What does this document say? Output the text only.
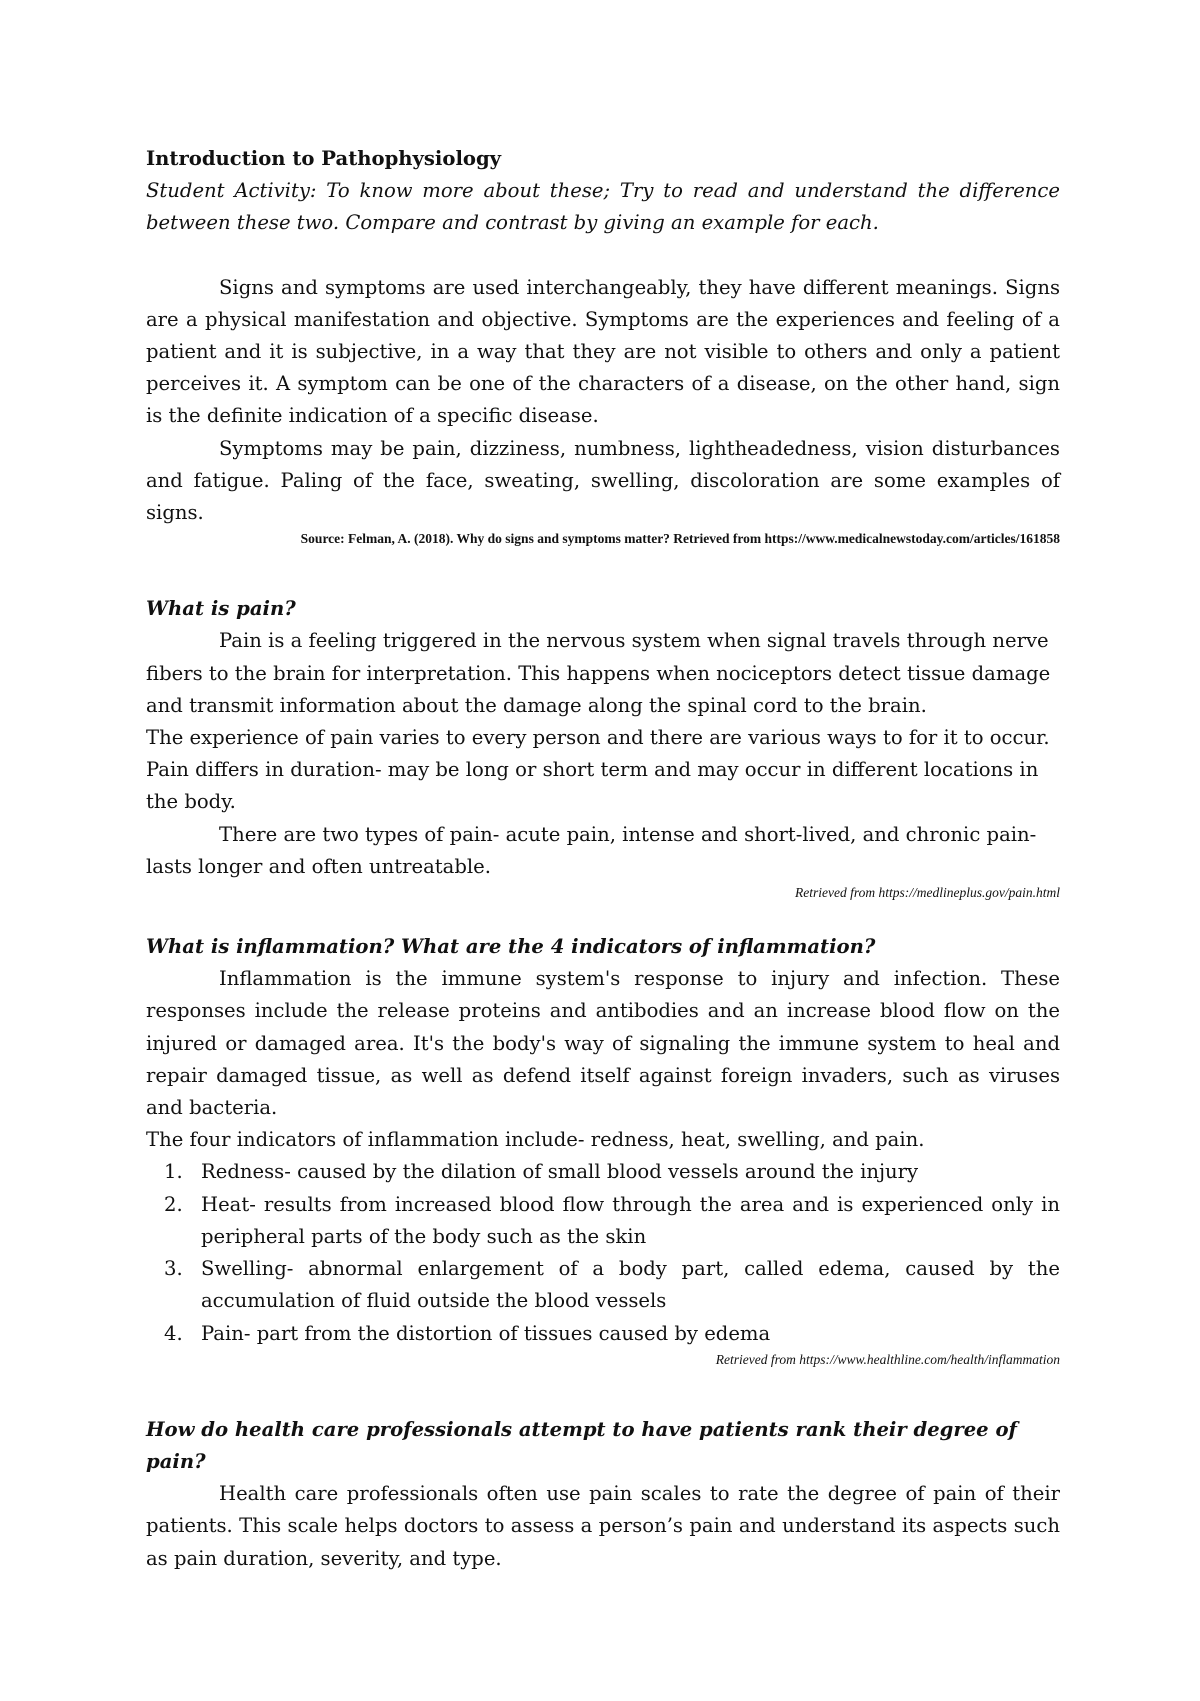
Introduction to Pathophysiology

Student Activity: To know more about these; Try to read and understand the difference between these two. Compare and contrast by giving an example for each.

Signs and symptoms are used interchangeably, they have different meanings. Signs are a physical manifestation and objective. Symptoms are the experiences and feeling of a patient and it is subjective, in a way that they are not visible to others and only a patient perceives it. A symptom can be one of the characters of a disease, on the other hand, sign is the definite indication of a specific disease.

Symptoms may be pain, dizziness, numbness, lightheadedness, vision disturbances and fatigue. Paling of the face, sweating, swelling, discoloration are some examples of signs.

Source: Felman, A. (2018). Why do signs and symptoms matter? Retrieved from https://www.medicalnewstoday.com/articles/161858

What is pain?

Pain is a feeling triggered in the nervous system when signal travels through nerve fibers to the brain for interpretation. This happens when nociceptors detect tissue damage and transmit information about the damage along the spinal cord to the brain.

The experience of pain varies to every person and there are various ways to for it to occur. Pain differs in duration- may be long or short term and may occur in different locations in the body.

There are two types of pain- acute pain, intense and short-lived, and chronic pain- lasts longer and often untreatable.

Retrieved from https://medlineplus.gov/pain.html

What is inflammation? What are the 4 indicators of inflammation?

Inflammation is the immune system's response to injury and infection. These responses include the release proteins and antibodies and an increase blood flow on the injured or damaged area. It's the body's way of signaling the immune system to heal and repair damaged tissue, as well as defend itself against foreign invaders, such as viruses and bacteria.

The four indicators of inflammation include- redness, heat, swelling, and pain.

1. Redness- caused by the dilation of small blood vessels around the injury
2. Heat- results from increased blood flow through the area and is experienced only in peripheral parts of the body such as the skin
3. Swelling- abnormal enlargement of a body part, called edema, caused by the accumulation of fluid outside the blood vessels
4. Pain- part from the distortion of tissues caused by edema

Retrieved from https://www.healthline.com/health/inflammation

How do health care professionals attempt to have patients rank their degree of pain?

Health care professionals often use pain scales to rate the degree of pain of their patients. This scale helps doctors to assess a person’s pain and understand its aspects such as pain duration, severity, and type.
